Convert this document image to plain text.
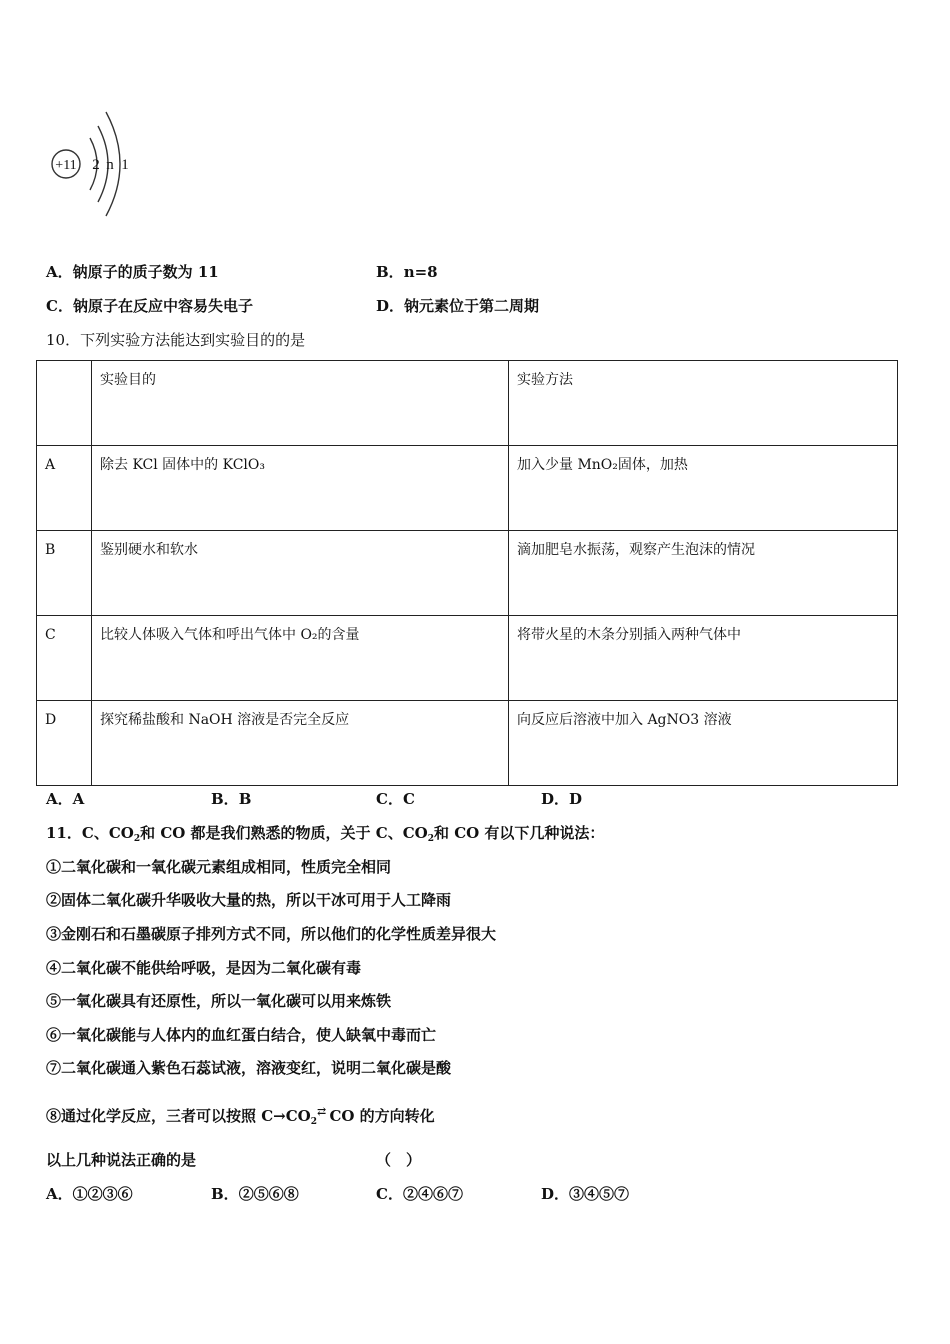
+11 2 n 1
A．钠原子的质子数为 11	B．n=8
C．钠原子在反应中容易失电子	D．钠元素位于第二周期
10．下列实验方法能达到实验目的的是
	实验目的	实验方法
A	除去 KCl 固体中的 KClO₃	加入少量 MnO₂固体，加热
B	鉴别硬水和软水	滴加肥皂水振荡，观察产生泡沫的情况
C	比较人体吸入气体和呼出气体中 O₂的含量	将带火星的木条分别插入两种气体中
D	探究稀盐酸和 NaOH 溶液是否完全反应	向反应后溶液中加入 AgNO3 溶液
A．A	B．B	C．C	D．D
11．C、$CO_2$和 CO 都是我们熟悉的物质，关于 C、$CO_2$和 CO 有以下几种说法：
①二氧化碳和一氧化碳元素组成相同，性质完全相同
②固体二氧化碳升华吸收大量的热，所以干冰可用于人工降雨
③金刚石和石墨碳原子排列方式不同，所以他们的化学性质差异很大
④二氧化碳不能供给呼吸，是因为二氧化碳有毒
⑤一氧化碳具有还原性，所以一氧化碳可以用来炼铁
⑥一氧化碳能与人体内的血红蛋白结合，使人缺氧中毒而亡
⑦二氧化碳通入紫色石蕊试液，溶液变红，说明二氧化碳是酸
⑧通过化学反应，三者可以按照 $C\to CO_2^⇄$ CO 的方向转化
以上几种说法正确的是	（　）
A．①②③⑥	B．②⑤⑥⑧	C．②④⑥⑦	D．③④⑤⑦
